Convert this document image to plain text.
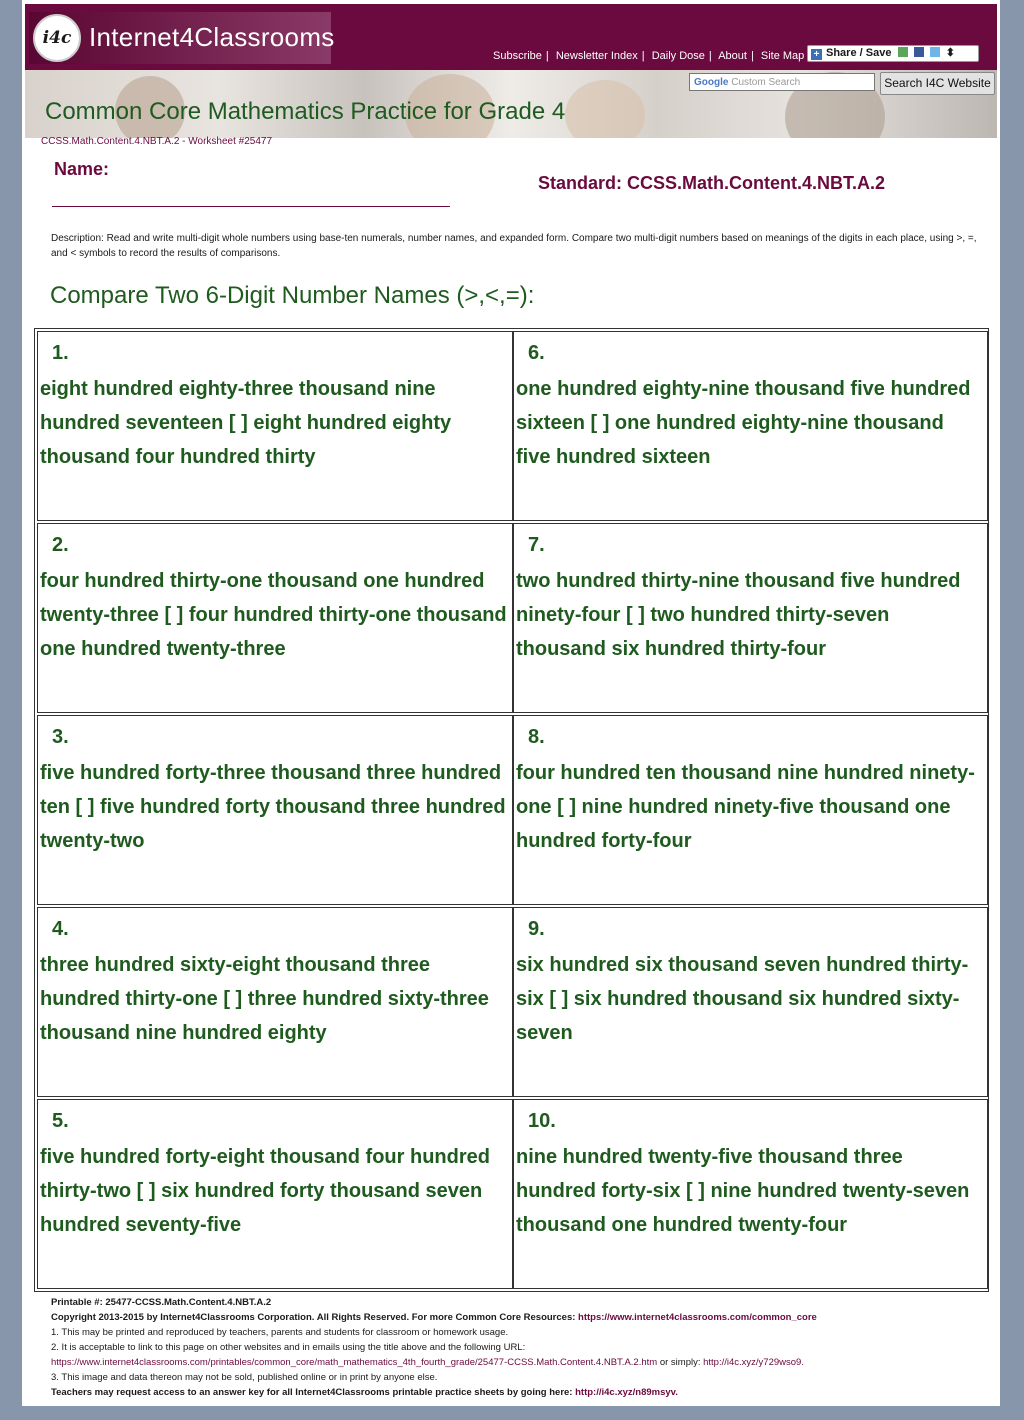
i4c Internet4Classrooms
Subscribe | Newsletter Index | Daily Dose | About | Site Map + Share / Save	⬍
Google Custom Search	Search I4C Website
Common Core Mathematics Practice for Grade 4
CCSS.Math.Content.4.NBT.A.2 - Worksheet #25477
Name:
Standard: CCSS.Math.Content.4.NBT.A.2
Description: Read and write multi-digit whole numbers using base-ten numerals, number names, and expanded form. Compare two multi-digit numbers based on meanings of the digits in each place, using >, =, and < symbols to record the results of comparisons.
Compare Two 6-Digit Number Names (>,<,=):
1.
eight hundred eighty-three thousand nine hundred seventeen [ ] eight hundred eighty thousand four hundred thirty
6.
one hundred eighty-nine thousand five hundred sixteen [ ] one hundred eighty-nine thousand five hundred sixteen
2.
four hundred thirty-one thousand one hundred twenty-three [ ] four hundred thirty-one thousand one hundred twenty-three
7.
two hundred thirty-nine thousand five hundred ninety-four [ ] two hundred thirty-seven thousand six hundred thirty-four
3.
five hundred forty-three thousand three hundred ten [ ] five hundred forty thousand three hundred twenty-two
8.
four hundred ten thousand nine hundred ninety-one [ ] nine hundred ninety-five thousand one hundred forty-four
4.
three hundred sixty-eight thousand three hundred thirty-one [ ] three hundred sixty-three thousand nine hundred eighty
9.
six hundred six thousand seven hundred thirty-six [ ] six hundred thousand six hundred sixty-seven
5.
five hundred forty-eight thousand four hundred thirty-two [ ] six hundred forty thousand seven hundred seventy-five
10.
nine hundred twenty-five thousand three hundred forty-six [ ] nine hundred twenty-seven thousand one hundred twenty-four
Printable #: 25477-CCSS.Math.Content.4.NBT.A.2
Copyright 2013-2015 by Internet4Classrooms Corporation. All Rights Reserved. For more Common Core Resources: https://www.internet4classrooms.com/common_core
1. This may be printed and reproduced by teachers, parents and students for classroom or homework usage.
2. It is acceptable to link to this page on other websites and in emails using the title above and the following URL:
https://www.internet4classrooms.com/printables/common_core/math_mathematics_4th_fourth_grade/25477-CCSS.Math.Content.4.NBT.A.2.htm or simply: http://i4c.xyz/y729wso9.
3. This image and data thereon may not be sold, published online or in print by anyone else.
Teachers may request access to an answer key for all Internet4Classrooms printable practice sheets by going here: http://i4c.xyz/n89msyv.
